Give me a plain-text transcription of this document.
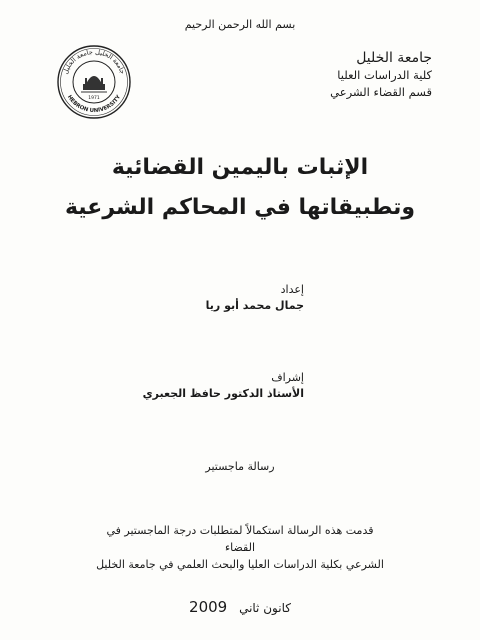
بسم الله الرحمن الرحيم
جامعة الخليل
كلية الدراسات العليا
قسم القضاء الشرعي
جامعة الخليل جامعة الخليل
HEBRON UNIVERSITY
1971
الإثبات باليمين القضائية
وتطبيقاتها في المحاكم الشرعية
إعداد
جمال محمد أبو ريا
إشراف
الأستاذ الدكتور حافظ الجعبري
رسالة ماجستير
قدمت هذه الرسالة استكمالاً لمتطلبات درجة الماجستير في القضاء
الشرعي بكلية الدراسات العليا والبحث العلمي في جامعة الخليل
2009 كانون ثاني
